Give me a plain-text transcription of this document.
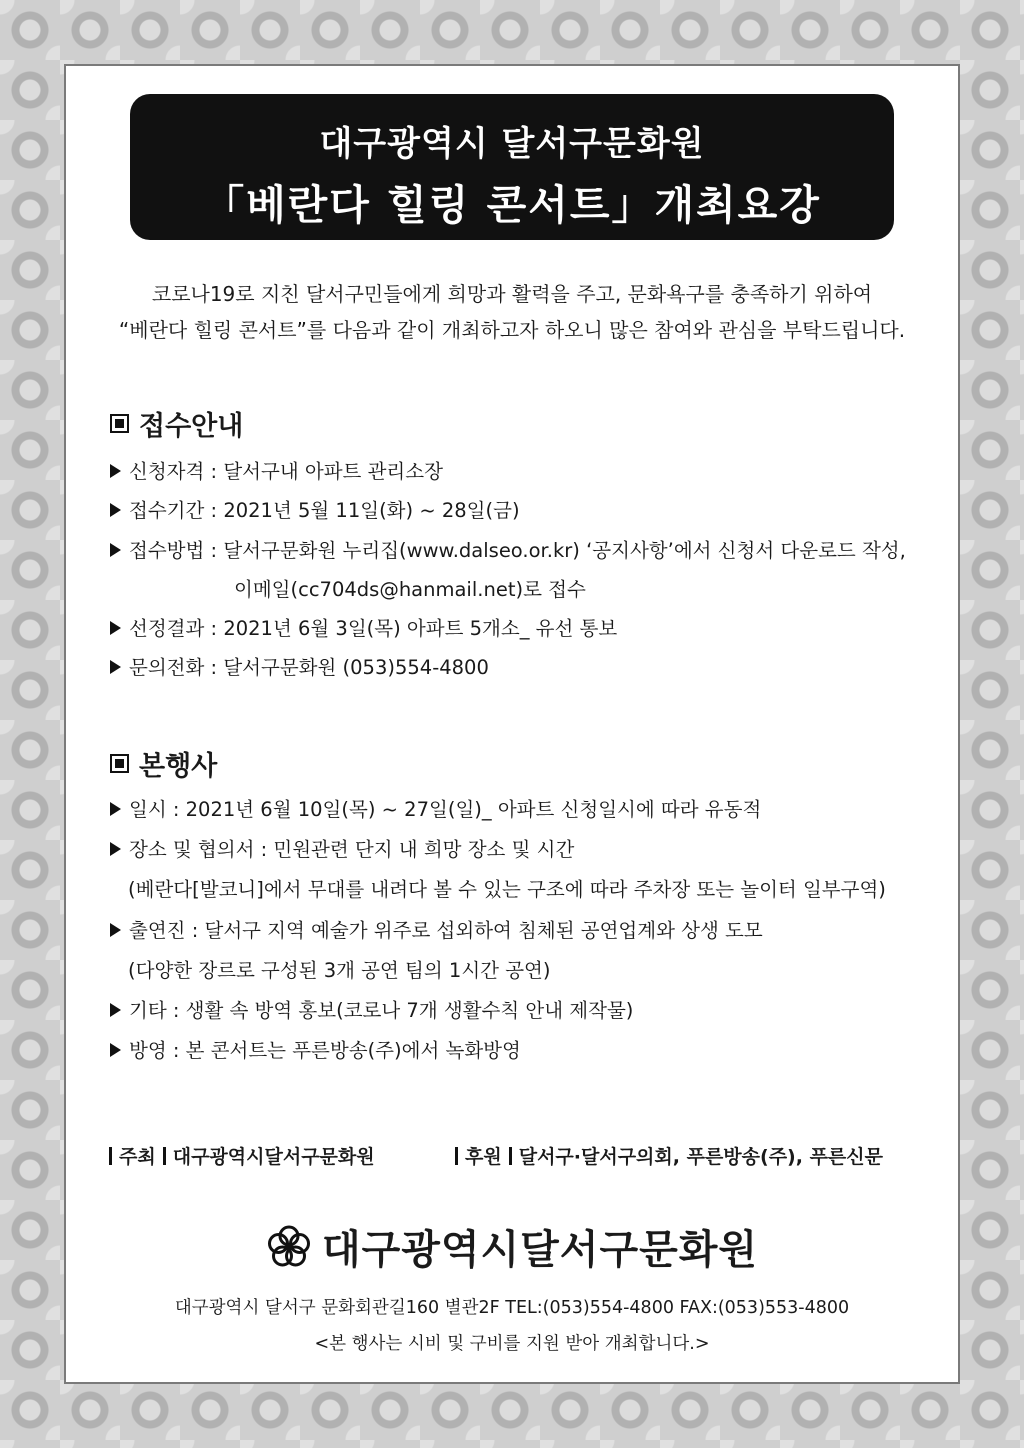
대구광역시 달서구문화원
「베란다 힐링 콘서트」개최요강
코로나19로 지친 달서구민들에게 희망과 활력을 주고, 문화욕구를 충족하기 위하여
“베란다 힐링 콘서트”를 다음과 같이 개최하고자 하오니 많은 참여와 관심을 부탁드립니다.
접수안내
신청자격 : 달서구내 아파트 관리소장
접수기간 : 2021년 5월 11일(화) ~ 28일(금)
접수방법 : 달서구문화원 누리집(www.dalseo.or.kr) ‘공지사항’에서 신청서 다운로드 작성,
이메일(cc704ds@hanmail.net)로 접수
선정결과 : 2021년 6월 3일(목) 아파트 5개소_ 유선 통보
문의전화 : 달서구문화원 (053)554-4800
본행사
일시 : 2021년 6월 10일(목) ~ 27일(일)_ 아파트 신청일시에 따라 유동적
장소 및 협의서 : 민원관련 단지 내 희망 장소 및 시간
(베란다[발코니]에서 무대를 내려다 볼 수 있는 구조에 따라 주차장 또는 놀이터 일부구역)
출연진 : 달서구 지역 예술가 위주로 섭외하여 침체된 공연업계와 상생 도모
(다양한 장르로 구성된 3개 공연 팀의 1시간 공연)
기타 : 생활 속 방역 홍보(코로나 7개 생활수칙 안내 제작물)
방영 : 본 콘서트는 푸른방송(주)에서 녹화방영
주최 대구광역시달서구문화원	후원 달서구·달서구의회, 푸른방송(주), 푸른신문
대구광역시달서구문화원
대구광역시 달서구 문화회관길160 별관2F TEL:(053)554-4800 FAX:(053)553-4800
<본 행사는 시비 및 구비를 지원 받아 개최합니다.>
